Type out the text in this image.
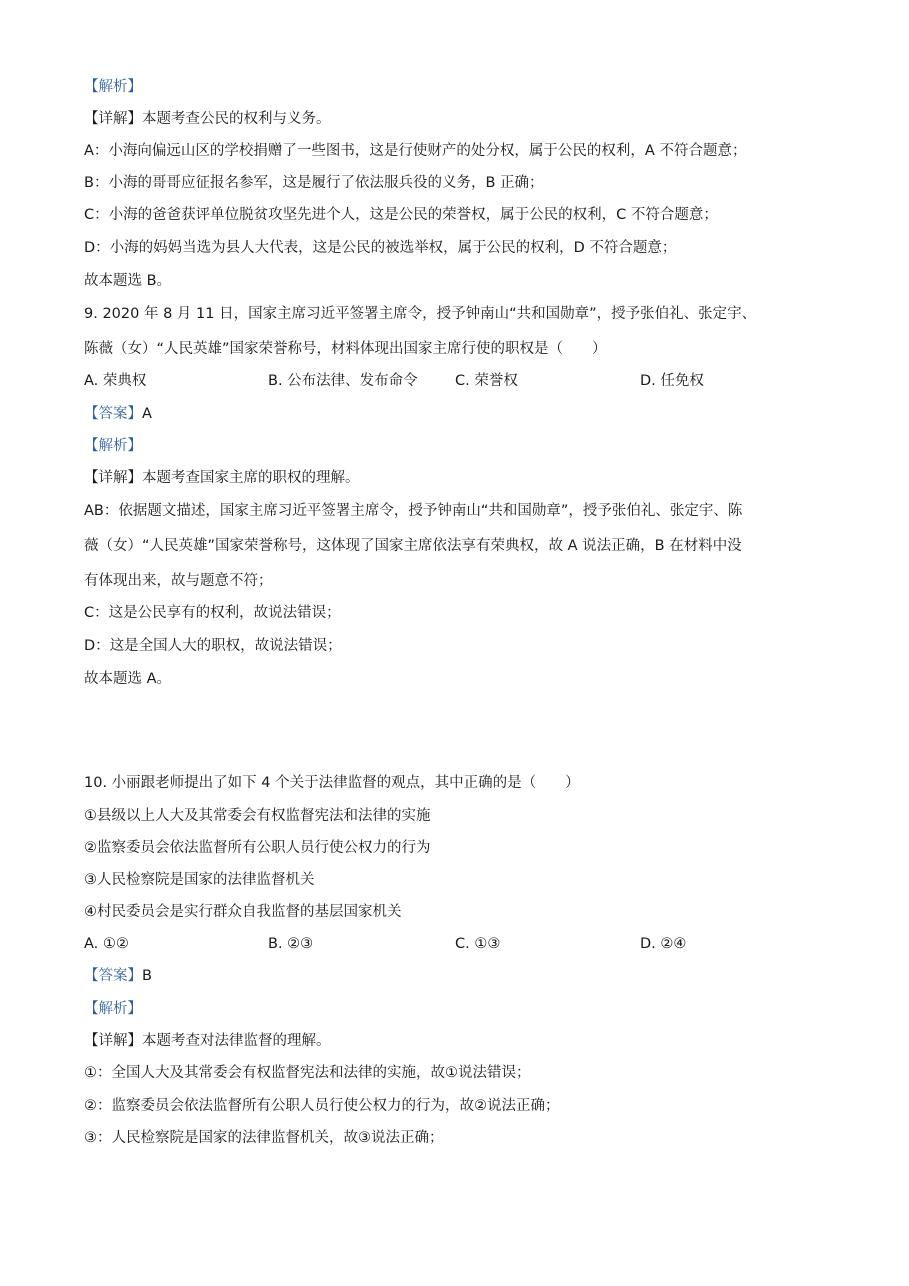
【解析】
【详解】本题考查公民的权利与义务。
A：小海向偏远山区的学校捐赠了一些图书，这是行使财产的处分权，属于公民的权利，A 不符合题意；
B：小海的哥哥应征报名参军，这是履行了依法服兵役的义务，B 正确；
C：小海的爸爸获评单位脱贫攻坚先进个人，这是公民的荣誉权，属于公民的权利，C 不符合题意；
D：小海的妈妈当选为县人大代表，这是公民的被选举权，属于公民的权利，D 不符合题意；
故本题选 B。
9. 2020 年 8 月 11 日，国家主席习近平签署主席令，授予钟南山“共和国勋章”，授予张伯礼、张定宇、
陈薇（女）“人民英雄”国家荣誉称号，材料体现出国家主席行使的职权是（　　）
A. 荣典权	B. 公布法律、发布命令	C. 荣誉权	D. 任免权
【答案】A
【解析】
【详解】本题考查国家主席的职权的理解。
AB：依据题文描述，国家主席习近平签署主席令，授予钟南山“共和国勋章”，授予张伯礼、张定宇、陈
薇（女）“人民英雄”国家荣誉称号，这体现了国家主席依法享有荣典权，故 A 说法正确，B 在材料中没
有体现出来，故与题意不符；
C：这是公民享有的权利，故说法错误；
D：这是全国人大的职权，故说法错误；
故本题选 A。
10. 小丽跟老师提出了如下 4 个关于法律监督的观点，其中正确的是（　　）
①县级以上人大及其常委会有权监督宪法和法律的实施
②监察委员会依法监督所有公职人员行使公权力的行为
③人民检察院是国家的法律监督机关
④村民委员会是实行群众自我监督的基层国家机关
A. ①②	B. ②③	C. ①③	D. ②④
【答案】B
【解析】
【详解】本题考查对法律监督的理解。
①：全国人大及其常委会有权监督宪法和法律的实施，故①说法错误；
②：监察委员会依法监督所有公职人员行使公权力的行为，故②说法正确；
③：人民检察院是国家的法律监督机关，故③说法正确；
